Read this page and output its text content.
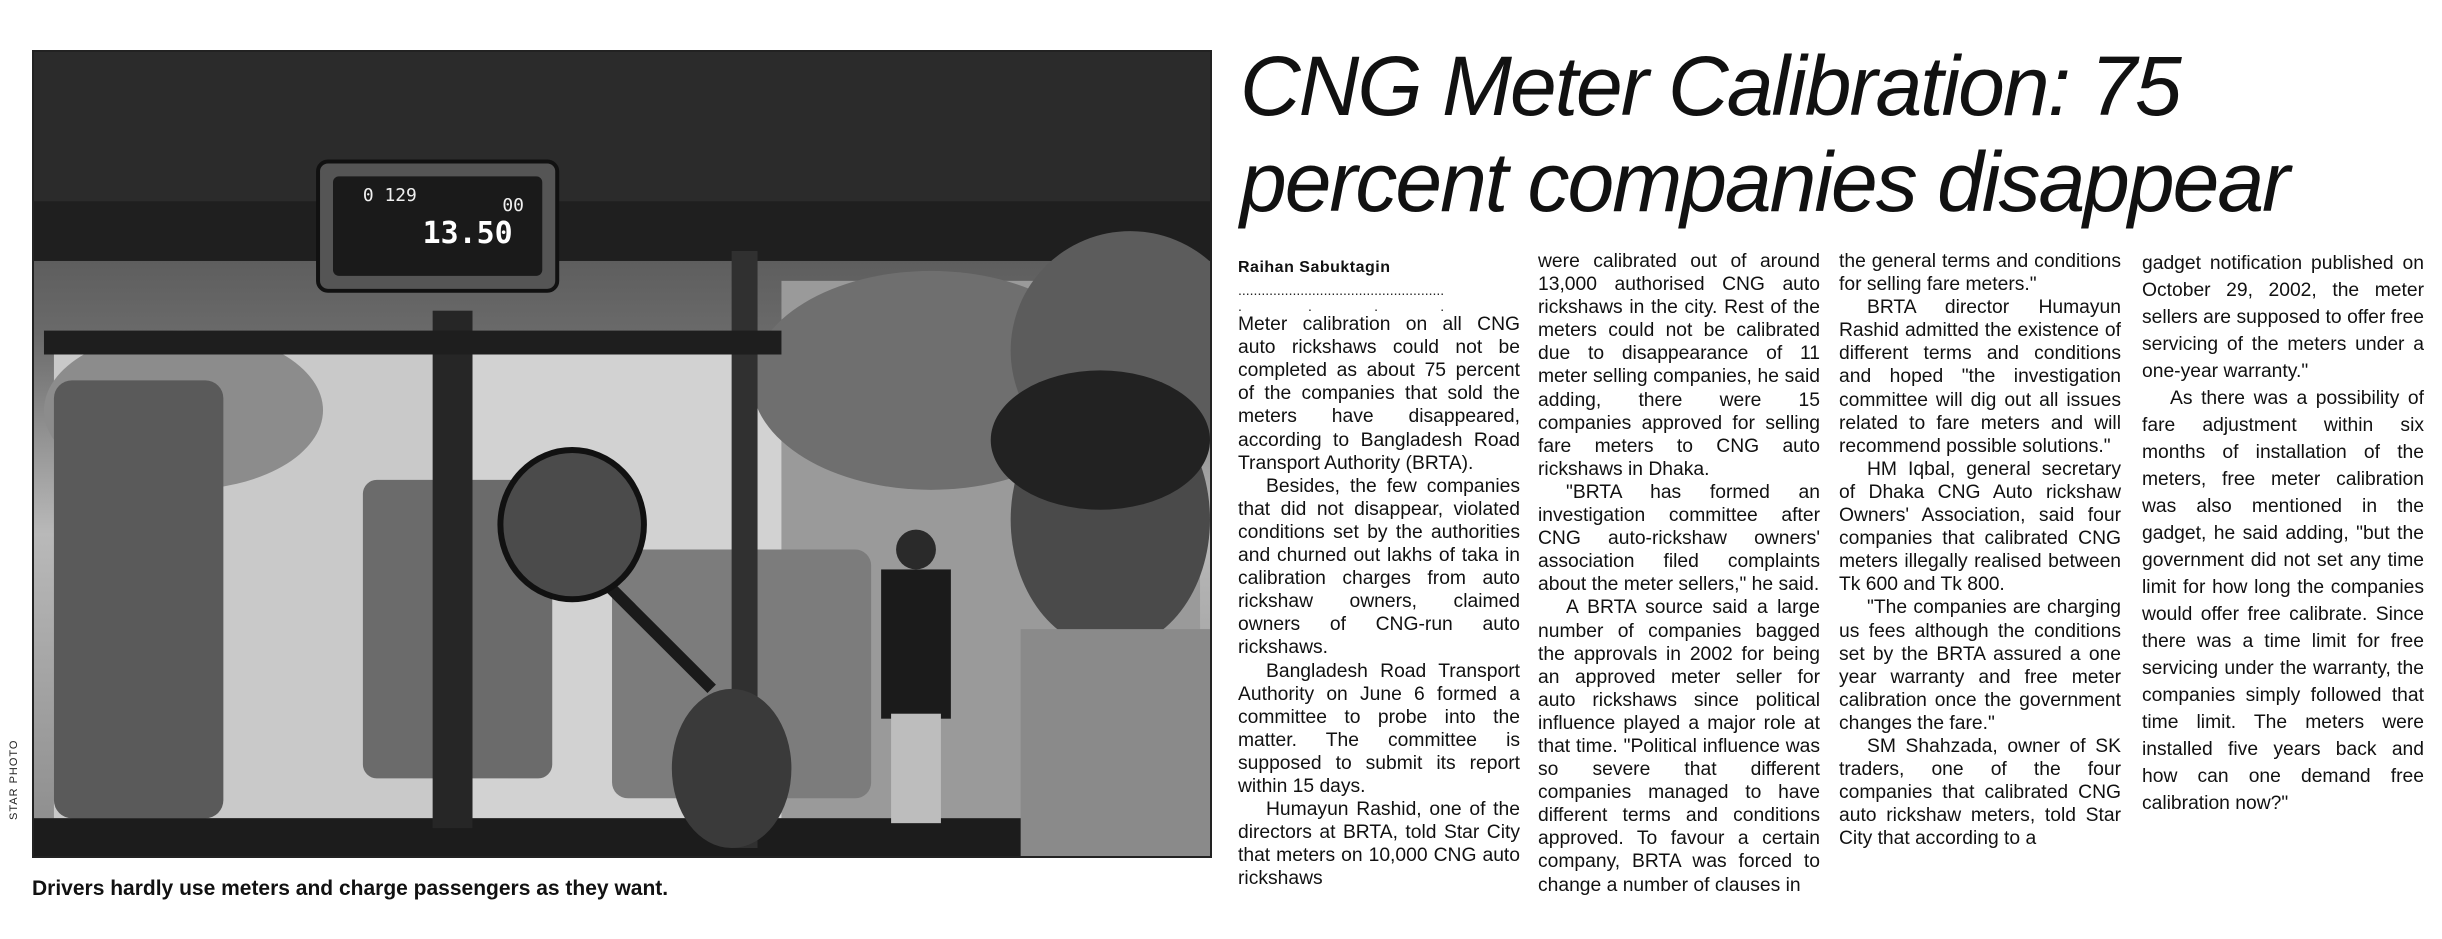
0 129	00
13.50
STAR PHOTO
Drivers hardly use meters and charge passengers as they want.
CNG Meter Calibration: 75 percent companies disappear
Raihan Sabuktagin
.....................................................
.                 .                .                .

Meter calibration on all CNG auto rickshaws could not be completed as about 75 percent of the companies that sold the meters have disappeared, according to Bangladesh Road Transport Authority (BRTA).

Besides, the few companies that did not disappear, violated conditions set by the authorities and churned out lakhs of taka in calibration charges from auto rickshaw owners, claimed owners of CNG-run auto rickshaws.

Bangladesh Road Transport Authority on June 6 formed a committee to probe into the matter. The committee is supposed to submit its report within 15 days.

Humayun Rashid, one of the directors at BRTA, told Star City that meters on 10,000 CNG auto rickshaws

were calibrated out of around 13,000 authorised CNG auto rickshaws in the city. Rest of the meters could not be calibrated due to disappearance of 11 meter selling companies, he said adding, there were 15 companies approved for selling fare meters to CNG auto rickshaws in Dhaka.

"BRTA has formed an investigation committee after CNG auto-rickshaw owners' association filed complaints about the meter sellers," he said.

A BRTA source said a large number of companies bagged the approvals in 2002 for being an approved meter seller for auto rickshaws since political influence played a major role at that time. "Political influence was so severe that different companies managed to have different terms and conditions approved. To favour a certain company, BRTA was forced to change a number of clauses in

the general terms and conditions for selling fare meters."

BRTA director Humayun Rashid admitted the existence of different terms and conditions and hoped "the investigation committee will dig out all issues related to fare meters and will recommend possible solutions."

HM Iqbal, general secretary of Dhaka CNG Auto rickshaw Owners' Association, said four companies that calibrated CNG meters illegally realised between Tk 600 and Tk 800.

"The companies are charging us fees although the conditions set by the BRTA assured a one year warranty and free meter calibration once the government changes the fare."

SM Shahzada, owner of SK traders, one of the four companies that calibrated CNG auto rickshaw meters, told Star City that according to a

gadget notification published on October 29, 2002, the meter sellers are supposed to offer free servicing of the meters under a one-year warranty."

As there was a possibility of fare adjustment within six months of installation of the meters, free meter calibration was also mentioned in the gadget, he said adding, "but the government did not set any time limit for how long the companies would offer free calibrate. Since there was a time limit for free servicing under the warranty, the companies simply followed that time limit. The meters were installed five years back and how can one demand free calibration now?"
